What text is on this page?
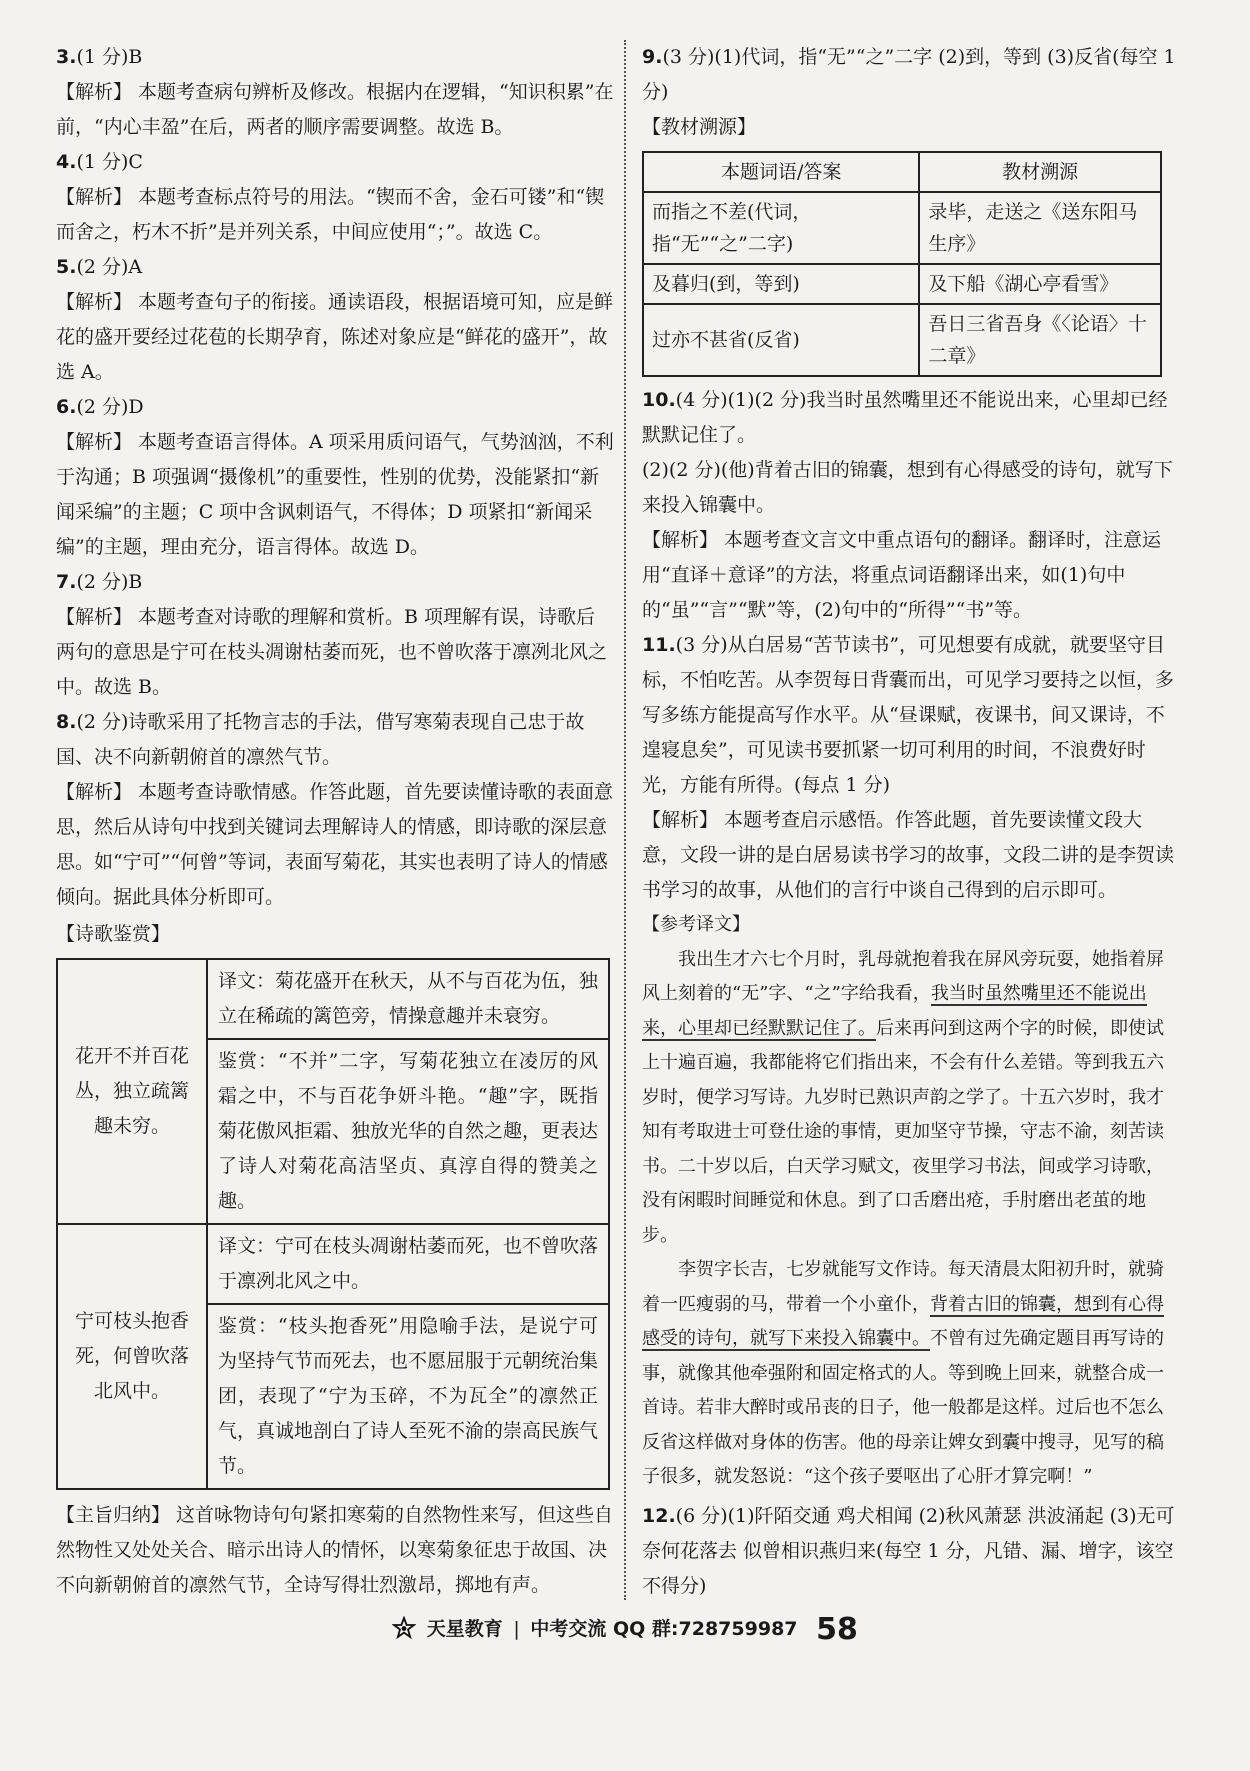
3.(1 分)B

【解析】 本题考查病句辨析及修改。根据内在逻辑，“知识积累”在前，“内心丰盈”在后，两者的顺序需要调整。故选 B。

4.(1 分)C

【解析】 本题考查标点符号的用法。“锲而不舍，金石可镂”和“锲而舍之，朽木不折”是并列关系，中间应使用“；”。故选 C。

5.(2 分)A

【解析】 本题考查句子的衔接。通读语段，根据语境可知，应是鲜花的盛开要经过花苞的长期孕育，陈述对象应是“鲜花的盛开”，故选 A。

6.(2 分)D

【解析】 本题考查语言得体。A 项采用质问语气，气势汹汹，不利于沟通；B 项强调“摄像机”的重要性，性别的优势，没能紧扣“新闻采编”的主题；C 项中含讽刺语气，不得体；D 项紧扣“新闻采编”的主题，理由充分，语言得体。故选 D。

7.(2 分)B

【解析】 本题考查对诗歌的理解和赏析。B 项理解有误，诗歌后两句的意思是宁可在枝头凋谢枯萎而死，也不曾吹落于凛冽北风之中。故选 B。

8.(2 分)诗歌采用了托物言志的手法，借写寒菊表现自己忠于故国、决不向新朝俯首的凛然气节。

【解析】 本题考查诗歌情感。作答此题，首先要读懂诗歌的表面意思，然后从诗句中找到关键词去理解诗人的情感，即诗歌的深层意思。如“宁可”“何曾”等词，表面写菊花，其实也表明了诗人的情感倾向。据此具体分析即可。

【诗歌鉴赏】

花开不并百花丛，独立疏篱趣未穷。	译文：菊花盛开在秋天，从不与百花为伍，独立在稀疏的篱笆旁，情操意趣并未衰穷。
	鉴赏：“不并”二字，写菊花独立在凌厉的风霜之中，不与百花争妍斗艳。“趣”字，既指菊花傲风拒霜、独放光华的自然之趣，更表达了诗人对菊花高洁坚贞、真淳自得的赞美之趣。
宁可枝头抱香死，何曾吹落北风中。	译文：宁可在枝头凋谢枯萎而死，也不曾吹落于凛冽北风之中。
	鉴赏：“枝头抱香死”用隐喻手法，是说宁可为坚持气节而死去，也不愿屈服于元朝统治集团，表现了“宁为玉碎，不为瓦全”的凛然正气，真诚地剖白了诗人至死不渝的崇高民族气节。

【主旨归纳】 这首咏物诗句句紧扣寒菊的自然物性来写，但这些自然物性又处处关合、暗示出诗人的情怀，以寒菊象征忠于故国、决不向新朝俯首的凛然气节，全诗写得壮烈激昂，掷地有声。

9.(3 分)(1)代词，指“无”“之”二字 (2)到，等到 (3)反省(每空 1 分)

【教材溯源】

本题词语/答案	教材溯源
而指之不差(代词，指“无”“之”二字)	录毕，走送之《送东阳马生序》
及暮归(到，等到)	及下船《湖心亭看雪》
过亦不甚省(反省)	吾日三省吾身《〈论语〉十二章》

10.(4 分)(1)(2 分)我当时虽然嘴里还不能说出来，心里却已经默默记住了。

(2)(2 分)(他)背着古旧的锦囊，想到有心得感受的诗句，就写下来投入锦囊中。

【解析】 本题考查文言文中重点语句的翻译。翻译时，注意运用“直译＋意译”的方法，将重点词语翻译出来，如(1)句中的“虽”“言”“默”等，(2)句中的“所得”“书”等。

11.(3 分)从白居易“苦节读书”，可见想要有成就，就要坚守目标，不怕吃苦。从李贺每日背囊而出，可见学习要持之以恒，多写多练方能提高写作水平。从“昼课赋，夜课书，间又课诗，不遑寝息矣”，可见读书要抓紧一切可利用的时间，不浪费好时光，方能有所得。(每点 1 分)

【解析】 本题考查启示感悟。作答此题，首先要读懂文段大意，文段一讲的是白居易读书学习的故事，文段二讲的是李贺读书学习的故事，从他们的言行中谈自己得到的启示即可。

【参考译文】

我出生才六七个月时，乳母就抱着我在屏风旁玩耍，她指着屏风上刻着的“无”字、“之”字给我看，我当时虽然嘴里还不能说出来，心里却已经默默记住了。后来再问到这两个字的时候，即使试上十遍百遍，我都能将它们指出来，不会有什么差错。等到我五六岁时，便学习写诗。九岁时已熟识声韵之学了。十五六岁时，我才知有考取进士可登仕途的事情，更加坚守节操，守志不渝，刻苦读书。二十岁以后，白天学习赋文，夜里学习书法，间或学习诗歌，没有闲暇时间睡觉和休息。到了口舌磨出疮，手肘磨出老茧的地步。

李贺字长吉，七岁就能写文作诗。每天清晨太阳初升时，就骑着一匹瘦弱的马，带着一个小童仆，背着古旧的锦囊，想到有心得感受的诗句，就写下来投入锦囊中。不曾有过先确定题目再写诗的事，就像其他牵强附和固定格式的人。等到晚上回来，就整合成一首诗。若非大醉时或吊丧的日子，他一般都是这样。过后也不怎么反省这样做对身体的伤害。他的母亲让婢女到囊中搜寻，见写的稿子很多，就发怒说：“这个孩子要呕出了心肝才算完啊！”

12.(6 分)(1)阡陌交通 鸡犬相闻 (2)秋风萧瑟 洪波涌起 (3)无可奈何花落去 似曾相识燕归来(每空 1 分，凡错、漏、增字，该空不得分)

天星教育 | 中考交流 QQ 群:728759987 58
